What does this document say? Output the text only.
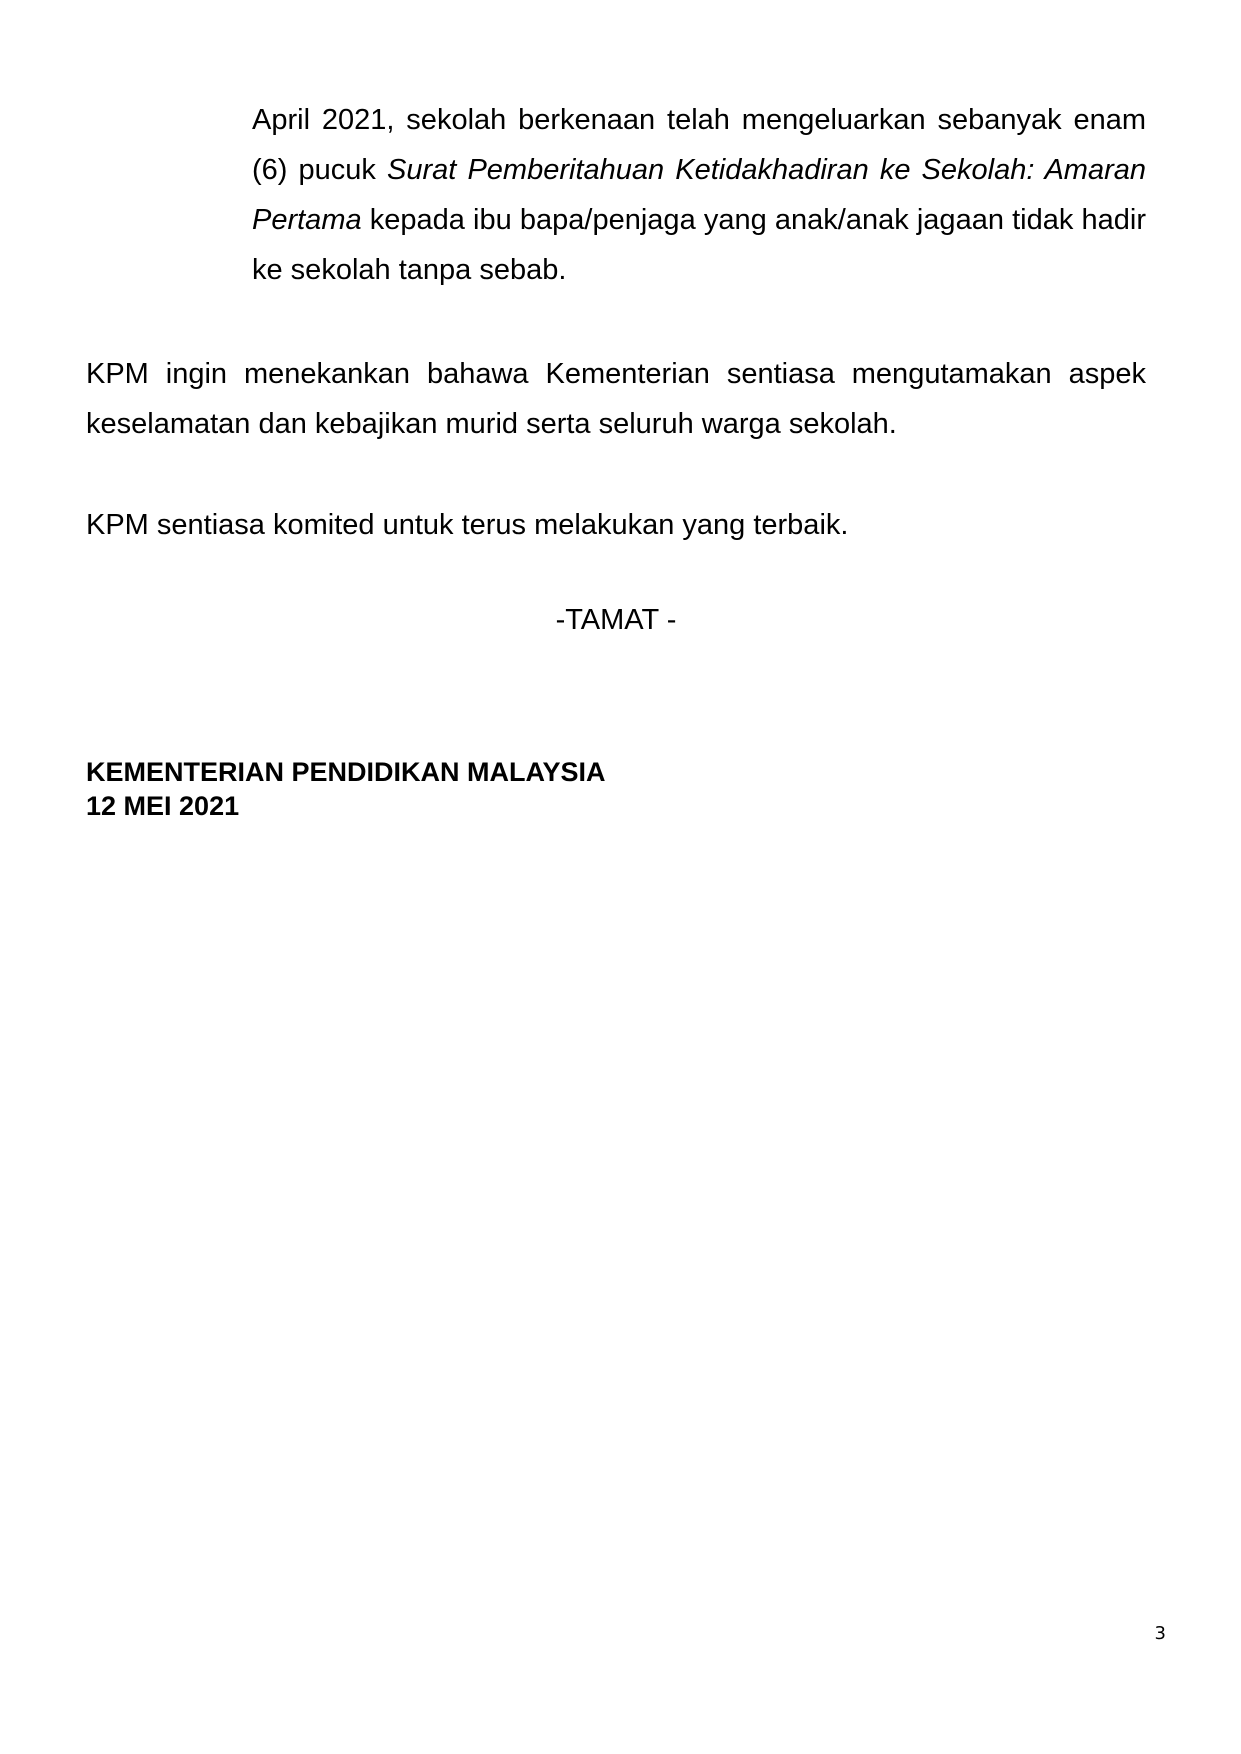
April 2021, sekolah berkenaan telah mengeluarkan sebanyak enam (6) pucuk Surat Pemberitahuan Ketidakhadiran ke Sekolah: Amaran Pertama kepada ibu bapa/penjaga yang anak/anak jagaan tidak hadir ke sekolah tanpa sebab.

KPM ingin menekankan bahawa Kementerian sentiasa mengutamakan aspek keselamatan dan kebajikan murid serta seluruh warga sekolah.

KPM sentiasa komited untuk terus melakukan yang terbaik.

-TAMAT -
KEMENTERIAN PENDIDIKAN MALAYSIA
12 MEI 2021
3
